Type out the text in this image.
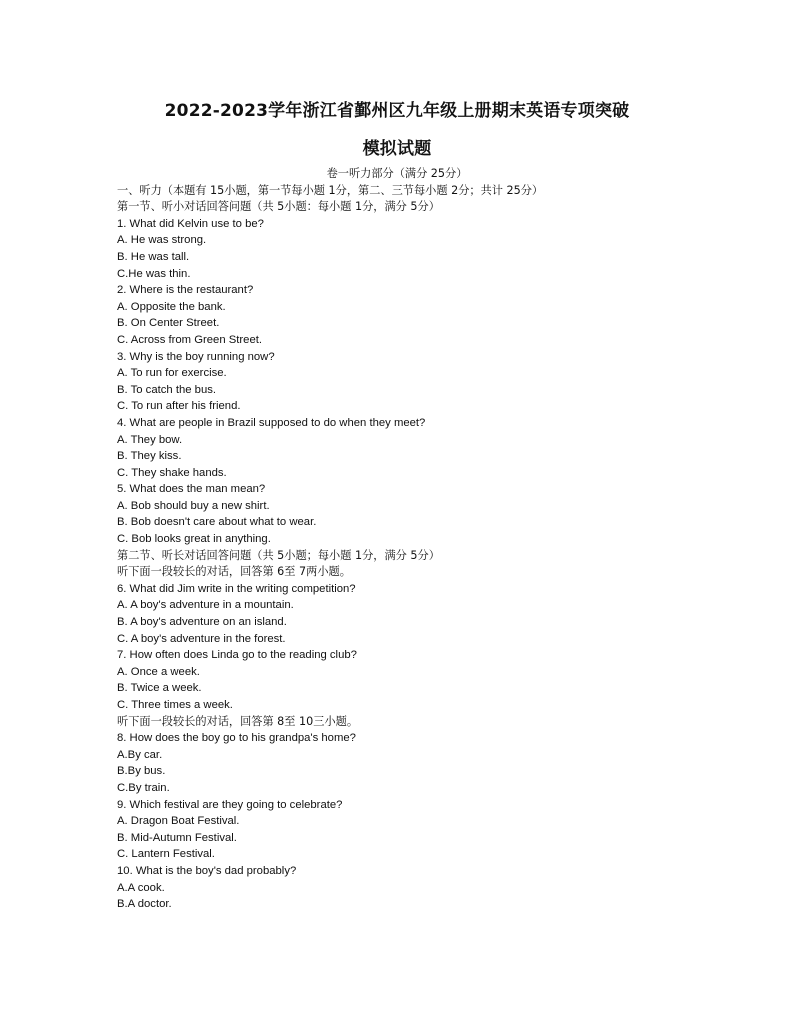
2022-2023学年浙江省鄞州区九年级上册期末英语专项突破
模拟试题
卷一听力部分（满分 25分）
一、听力（本题有 15小题，第一节每小题 1分，第二、三节每小题 2分；共计 25分）
第一节、听小对话回答问题（共 5小题：每小题 1分，满分 5分）
1. What did Kelvin use to be?
A. He was strong.
B. He was tall.
C.He was thin.
2. Where is the restaurant?
A. Opposite the bank.
B. On Center Street.
C. Across from Green Street.
3. Why is the boy running now?
A. To run for exercise.
B. To catch the bus.
C. To run after his friend.
4. What are people in Brazil supposed to do when they meet?
A. They bow.
B. They kiss.
C. They shake hands.
5. What does the man mean?
A. Bob should buy a new shirt.
B. Bob doesn't care about what to wear.
C. Bob looks great in anything.
第二节、听长对话回答问题（共 5小题；每小题 1分，满分 5分）
听下面一段较长的对话，回答第 6至 7两小题。
6. What did Jim write in the writing competition?
A. A boy's adventure in a mountain.
B. A boy's adventure on an island.
C. A boy's adventure in the forest.
7. How often does Linda go to the reading club?
A. Once a week.
B. Twice a week.
C. Three times a week.
听下面一段较长的对话，回答第 8至 10三小题。
8. How does the boy go to his grandpa's home?
A.By car.
B.By bus.
C.By train.
9. Which festival are they going to celebrate?
A. Dragon Boat Festival.
B. Mid-Autumn Festival.
C. Lantern Festival.
10. What is the boy's dad probably?
A.A cook.
B.A doctor.
